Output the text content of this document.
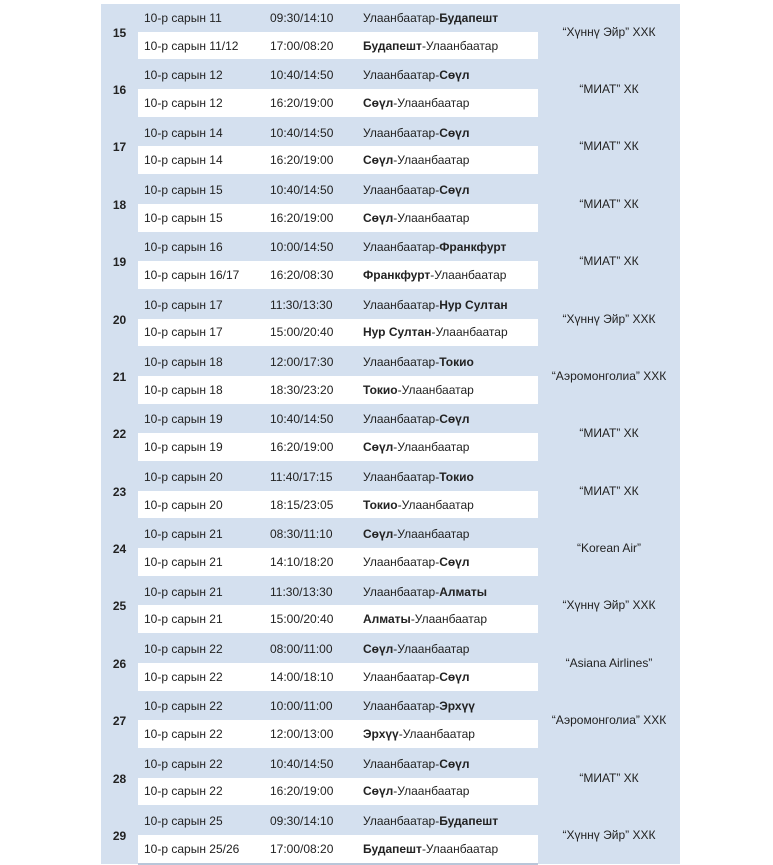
15	10-р сарын 11	09:30/14:10	Улаанбаатар-Будапешт	“Хүннү Эйр” ХХК
	10-р сарын 11/12	17:00/08:20	Будапешт-Улаанбаатар	
16	10-р сарын 12	10:40/14:50	Улаанбаатар-Сөүл	“МИАТ” ХК
	10-р сарын 12	16:20/19:00	Сөүл-Улаанбаатар	
17	10-р сарын 14	10:40/14:50	Улаанбаатар-Сөүл	“МИАТ” ХК
	10-р сарын 14	16:20/19:00	Сөүл-Улаанбаатар	
18	10-р сарын 15	10:40/14:50	Улаанбаатар-Сөүл	“МИАТ” ХК
	10-р сарын 15	16:20/19:00	Сөүл-Улаанбаатар	
19	10-р сарын 16	10:00/14:50	Улаанбаатар-Франкфурт	“МИАТ” ХК
	10-р сарын 16/17	16:20/08:30	Франкфурт-Улаанбаатар	
20	10-р сарын 17	11:30/13:30	Улаанбаатар-Нур Султан	“Хүннү Эйр” ХХК
	10-р сарын 17	15:00/20:40	Нур Султан-Улаанбаатар	
21	10-р сарын 18	12:00/17:30	Улаанбаатар-Токио	“Аэромонголиа” ХХК
	10-р сарын 18	18:30/23:20	Токио-Улаанбаатар	
22	10-р сарын 19	10:40/14:50	Улаанбаатар-Сөүл	“МИАТ” ХК
	10-р сарын 19	16:20/19:00	Сөүл-Улаанбаатар	
23	10-р сарын 20	11:40/17:15	Улаанбаатар-Токио	“МИАТ” ХК
	10-р сарын 20	18:15/23:05	Токио-Улаанбаатар	
24	10-р сарын 21	08:30/11:10	Сөүл-Улаанбаатар	“Korean Air”
	10-р сарын 21	14:10/18:20	Улаанбаатар-Сөүл	
25	10-р сарын 21	11:30/13:30	Улаанбаатар-Алматы	“Хүннү Эйр” ХХК
	10-р сарын 21	15:00/20:40	Алматы-Улаанбаатар	
26	10-р сарын 22	08:00/11:00	Сөүл-Улаанбаатар	“Asiana Airlines”
	10-р сарын 22	14:00/18:10	Улаанбаатар-Сөүл	
27	10-р сарын 22	10:00/11:00	Улаанбаатар-Эрхүү	“Аэромонголиа” ХХК
	10-р сарын 22	12:00/13:00	Эрхүү-Улаанбаатар	
28	10-р сарын 22	10:40/14:50	Улаанбаатар-Сөүл	“МИАТ” ХК
	10-р сарын 22	16:20/19:00	Сөүл-Улаанбаатар	
29	10-р сарын 25	09:30/14:10	Улаанбаатар-Будапешт	“Хүннү Эйр” ХХК
	10-р сарын 25/26	17:00/08:20	Будапешт-Улаанбаатар	
